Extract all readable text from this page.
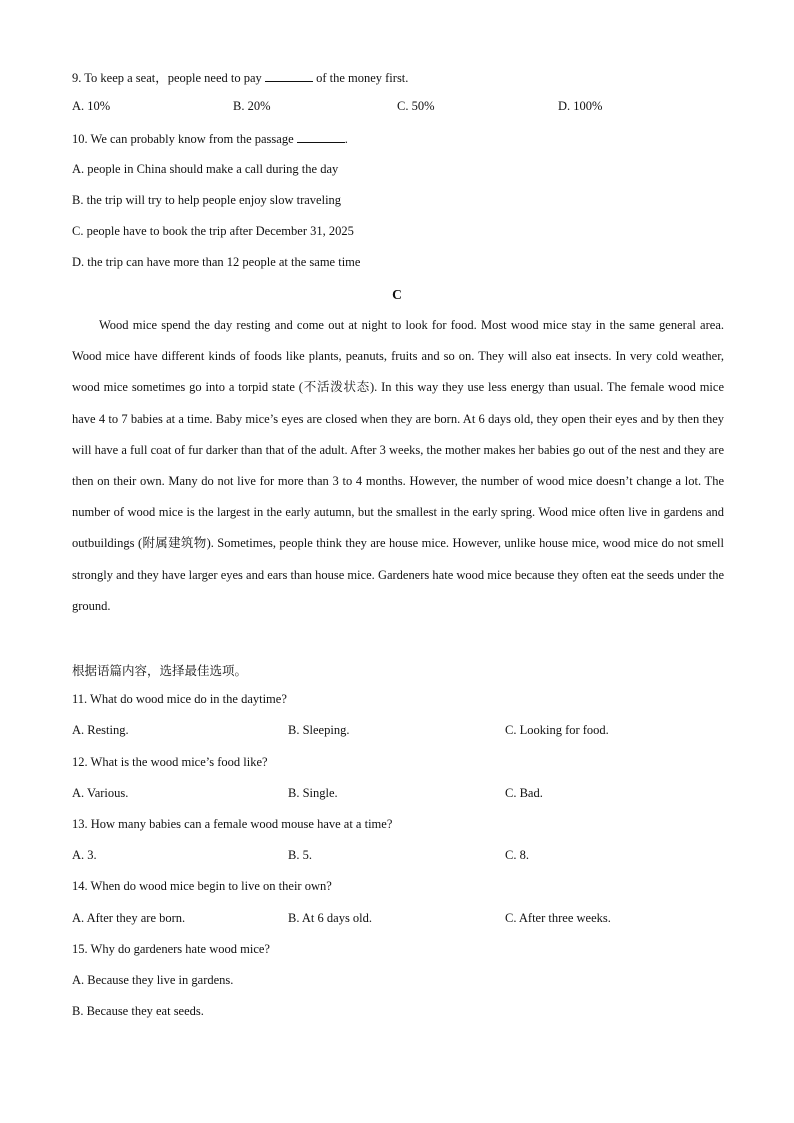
9. To keep a seat，people need to pay	of the money first.
A. 10%	B. 20%	C. 50%	D. 100%
10. We can probably know from the passage	.
A. people in China should make a call during the day
B. the trip will try to help people enjoy slow traveling
C. people have to book the trip after December 31, 2025
D. the trip can have more than 12 people at the same time
C

Wood mice spend the day resting and come out at night to look for food. Most wood mice stay in the same general area. Wood mice have different kinds of foods like plants, peanuts, fruits and so on. They will also eat insects. In very cold weather, wood mice sometimes go into a torpid state (不活泼状态). In this way they use less energy than usual. The female wood mice have 4 to 7 babies at a time. Baby mice’s eyes are closed when they are born. At 6 days old, they open their eyes and by then they will have a full coat of fur darker than that of the adult. After 3 weeks, the mother makes her babies go out of the nest and they are then on their own. Many do not live for more than 3 to 4 months. However, the number of wood mice doesn’t change a lot. The number of wood mice is the largest in the early autumn, but the smallest in the early spring. Wood mice often live in gardens and outbuildings (附属建筑物). Sometimes, people think they are house mice. However, unlike house mice, wood mice do not smell strongly and they have larger eyes and ears than house mice. Gardeners hate wood mice because they often eat the seeds under the ground.

根据语篇内容，选择最佳选项。
11. What do wood mice do in the daytime?
A. Resting.	B. Sleeping.	C. Looking for food.
12. What is the wood mice’s food like?
A. Various.	B. Single.	C. Bad.
13. How many babies can a female wood mouse have at a time?
A. 3.	B. 5.	C. 8.
14. When do wood mice begin to live on their own?
A. After they are born.	B. At 6 days old.	C. After three weeks.
15. Why do gardeners hate wood mice?
A. Because they live in gardens.
B. Because they eat seeds.
